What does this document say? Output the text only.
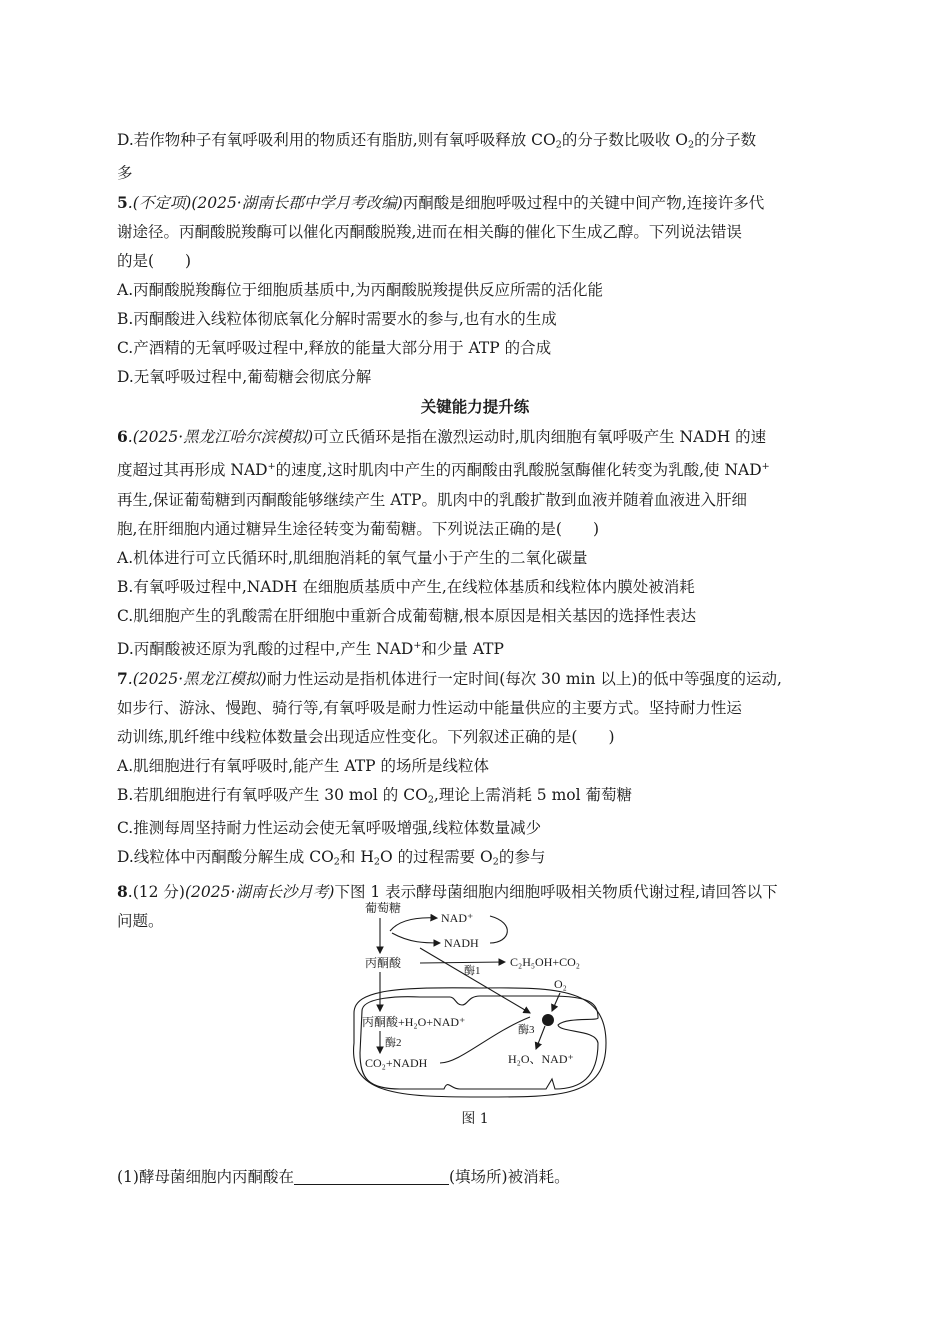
D.若作物种子有氧呼吸利用的物质还有脂肪,则有氧呼吸释放 $CO_2$的分子数比吸收 $O_2$的分子数
多
5.(不定项)(2025·湖南长郡中学月考改编)丙酮酸是细胞呼吸过程中的关键中间产物,连接许多代
谢途径。丙酮酸脱羧酶可以催化丙酮酸脱羧,进而在相关酶的催化下生成乙醇。下列说法错误
的是(　　)
A.丙酮酸脱羧酶位于细胞质基质中,为丙酮酸脱羧提供反应所需的活化能
B.丙酮酸进入线粒体彻底氧化分解时需要水的参与,也有水的生成
C.产酒精的无氧呼吸过程中,释放的能量大部分用于 ATP 的合成
D.无氧呼吸过程中,葡萄糖会彻底分解
关键能力提升练
6.(2025·黑龙江哈尔滨模拟)可立氏循环是指在激烈运动时,肌肉细胞有氧呼吸产生 NADH 的速
度超过其再形成 NAD+的速度,这时肌肉中产生的丙酮酸由乳酸脱氢酶催化转变为乳酸,使 NAD+
再生,保证葡萄糖到丙酮酸能够继续产生 ATP。肌肉中的乳酸扩散到血液并随着血液进入肝细
胞,在肝细胞内通过糖异生途径转变为葡萄糖。下列说法正确的是(　　)
A.机体进行可立氏循环时,肌细胞消耗的氧气量小于产生的二氧化碳量
B.有氧呼吸过程中,NADH 在细胞质基质中产生,在线粒体基质和线粒体内膜处被消耗
C.肌细胞产生的乳酸需在肝细胞中重新合成葡萄糖,根本原因是相关基因的选择性表达
D.丙酮酸被还原为乳酸的过程中,产生 NAD+和少量 ATP
7.(2025·黑龙江模拟)耐力性运动是指机体进行一定时间(每次 30 min 以上)的低中等强度的运动,
如步行、游泳、慢跑、骑行等,有氧呼吸是耐力性运动中能量供应的主要方式。坚持耐力性运
动训练,肌纤维中线粒体数量会出现适应性变化。下列叙述正确的是(　　)
A.肌细胞进行有氧呼吸时,能产生 ATP 的场所是线粒体
B.若肌细胞进行有氧呼吸产生 30 mol 的 $CO_2$,理论上需消耗 5 mol 葡萄糖
C.推测每周坚持耐力性运动会使无氧呼吸增强,线粒体数量减少
D.线粒体中丙酮酸分解生成 $CO_2$和 $H_2O$ 的过程需要 $O_2$的参与
8.(12 分)(2025·湖南长沙月考)下图 1 表示酵母菌细胞内细胞呼吸相关物质代谢过程,请回答以下
问题。
葡萄糖
NAD⁺
NADH
丙酮酸
酶1
C₂H₅OH+CO₂
O₂
丙酮酸+H₂O+NAD⁺
酶2
CO₂+NADH
酶3
H₂O、NAD⁺
图 1
(1)酵母菌细胞内丙酮酸在	(填场所)被消耗。
